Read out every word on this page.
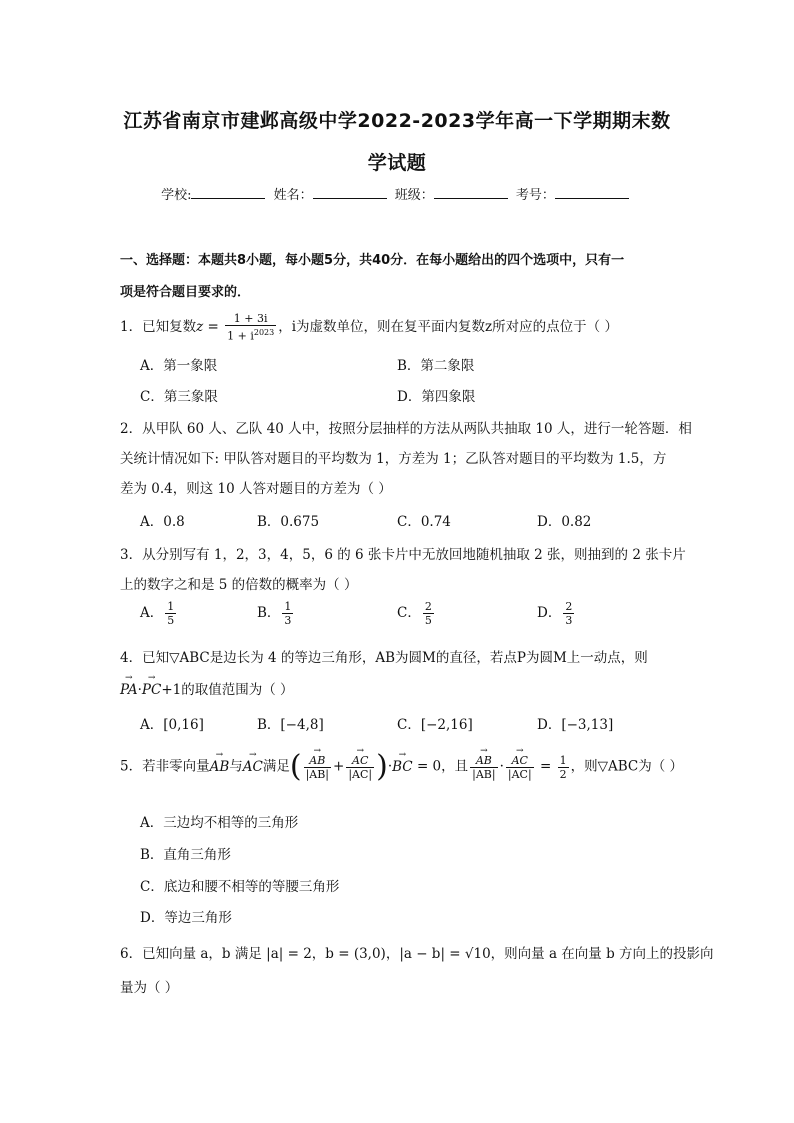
江苏省南京市建邺高级中学2022-2023学年高一下学期期末数
学试题
学校:	姓名：	班级：	考号：
一、选择题：本题共8小题，每小题5分，共40分．在每小题给出的四个选项中，只有一
项是符合题目要求的．
1．已知复数$z = \frac{1 + 3i}{1 + i^{2023}}$ ，i为虚数单位，则在复平面内复数z所对应的点位于（ ）
A．第一象限	B．第二象限
C．第三象限	D．第四象限
2．从甲队 60 人、乙队 40 人中，按照分层抽样的方法从两队共抽取 10 人，进行一轮答题．相
关统计情况如下: 甲队答对题目的平均数为 1，方差为 1；乙队答对题目的平均数为 1.5，方
差为 0.4，则这 10 人答对题目的方差为（ ）
A．0.8	B．0.675	C．0.74	D．0.82
3．从分别写有 1，2，3，4，5，6 的 6 张卡片中无放回地随机抽取 2 张，则抽到的 2 张卡片
上的数字之和是 5 的倍数的概率为（ ）
A． $\frac{1}{5}$	B． $\frac{1}{3}$	C． $\frac{2}{5}$	D． $\frac{2}{3}$
4．已知▽ABC是边长为 4 的等边三角形，AB为圆M的直径，若点P为圆M上一动点，则
→ PA·→ PC+1的取值范围为（ ）
A．[0,16]	B．[−4,8]	C．[−2,16]	D．[−3,13]
5．若非零向量→ AB与→ AC满足( → $\frac{AB}{|AB|}$ + → $\frac{AC}{|AC|}$ )·→ BC = 0，且 → $\frac{AB}{|AB|}$ · → $\frac{AC}{|AC|} = \frac{1}{2}$ ，则▽ABC为（ ）
A．三边均不相等的三角形
B．直角三角形
C．底边和腰不相等的等腰三角形
D．等边三角形
6．已知向量 a，b 满足 |a| = 2，b = (3,0)，|a − b| = √10，则向量 a 在向量 b 方向上的投影向
量为（ ）
